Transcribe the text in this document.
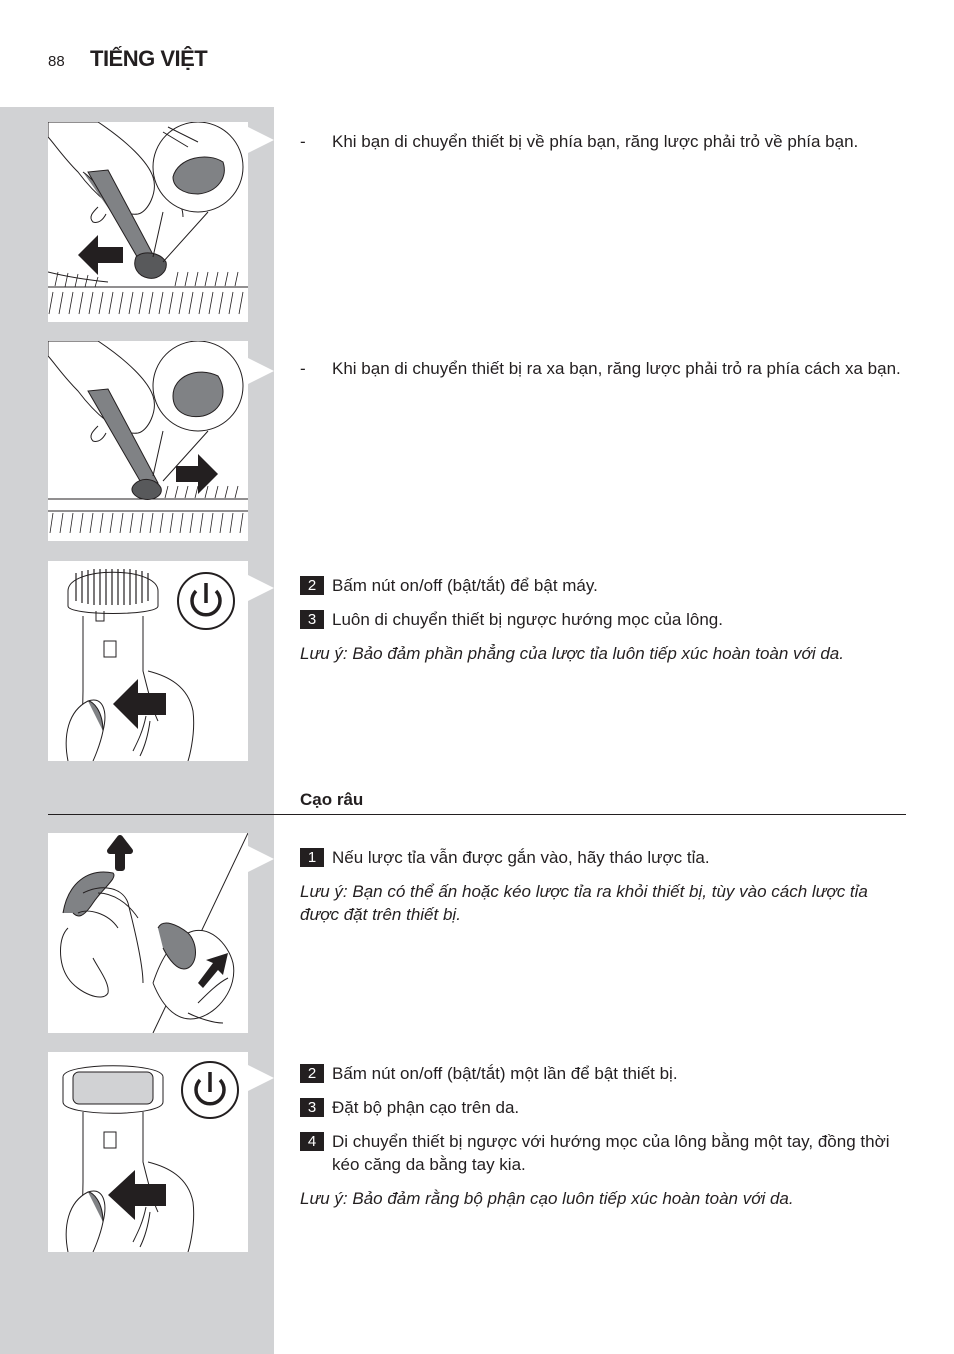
88 TIẾNG VIỆT
-	Khi bạn di chuyển thiết bị về phía bạn, răng lược phải trỏ về phía bạn.
-	Khi bạn di chuyển thiết bị ra xa bạn, răng lược phải trỏ ra phía cách xa bạn.
2 Bấm nút on/off (bật/tắt) để bật máy.
3 Luôn di chuyển thiết bị ngược hướng mọc của lông.
Lưu ý: Bảo đảm phần phẳng của lược tỉa luôn tiếp xúc hoàn toàn với da.
Cạo râu
1 Nếu lược tỉa vẫn được gắn vào, hãy tháo lược tỉa.
Lưu ý: Bạn có thể ấn hoặc kéo lược tỉa ra khỏi thiết bị, tùy vào cách lược tỉa được đặt trên thiết bị.
2 Bấm nút on/off (bật/tắt) một lần để bật thiết bị.
3 Đặt bộ phận cạo trên da.
4 Di chuyển thiết bị ngược với hướng mọc của lông bằng một tay, đồng thời kéo căng da bằng tay kia.
Lưu ý: Bảo đảm rằng bộ phận cạo luôn tiếp xúc hoàn toàn với da.
